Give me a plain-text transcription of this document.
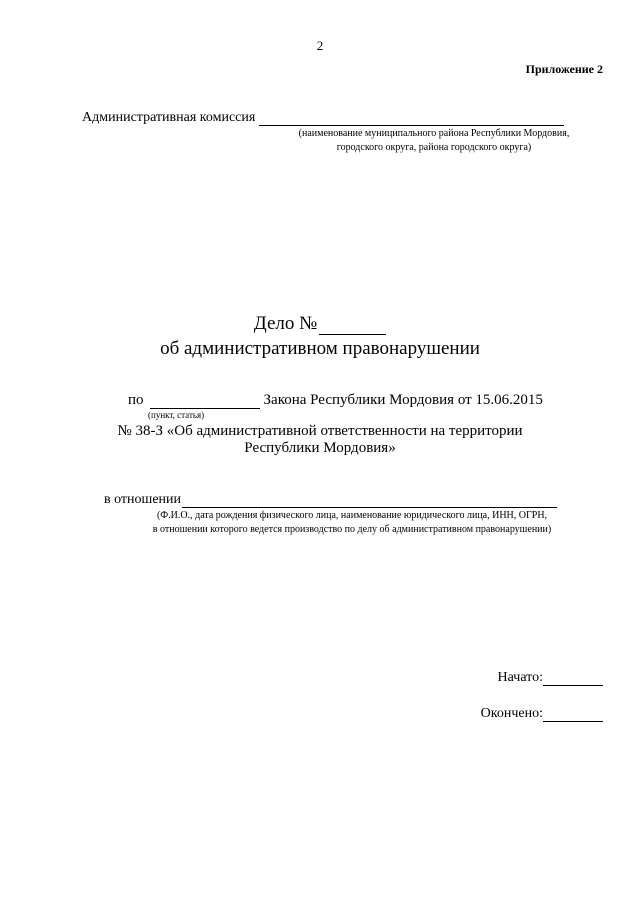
2
Приложение 2
Административная комиссия
(наименование муниципального района Республики Мордовия,
городского округа, района городского округа)
Дело №
об административном правонарушении
по	Закона Республики Мордовия от 15.06.2015
(пункт, статья)
№ 38-З «Об административной ответственности на территории
Республики Мордовия»
в отношении
(Ф.И.О., дата рождения физического лица, наименование юридического лица, ИНН, ОГРН,
в отношении которого ведется производство по делу об административном правонарушении)
Начато:
Окончено:
